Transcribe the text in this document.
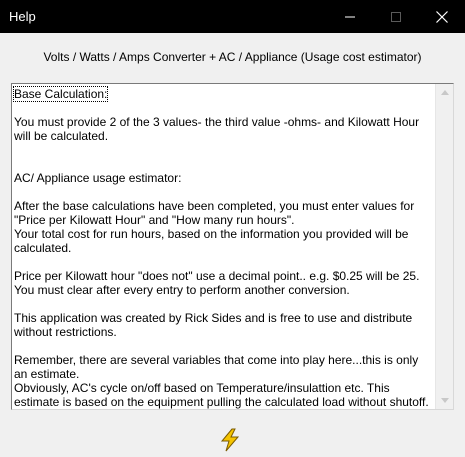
Help
Volts / Watts / Amps Converter + AC / Appliance (Usage cost estimator)

Base Calculation:

You must provide 2 of the 3 values- the third value -ohms- and Kilowatt Hour will be calculated.

AC/ Appliance usage estimator:

After the base calculations have been completed, you must enter values for "Price per Kilowatt Hour" and "How many run hours".

Your total cost for run hours, based on the information you provided will be calculated.

Price per Kilowatt hour "does not" use a decimal point.. e.g. $0.25 will be 25.

You must clear after every entry to perform another conversion.

This application was created by Rick Sides and is free to use and distribute without restrictions.

Remember, there are several variables that come into play here...this is only an estimate.

Obviously, AC's cycle on/off based on Temperature/insulattion etc. This estimate is based on the equipment pulling the calculated load without shutoff.
